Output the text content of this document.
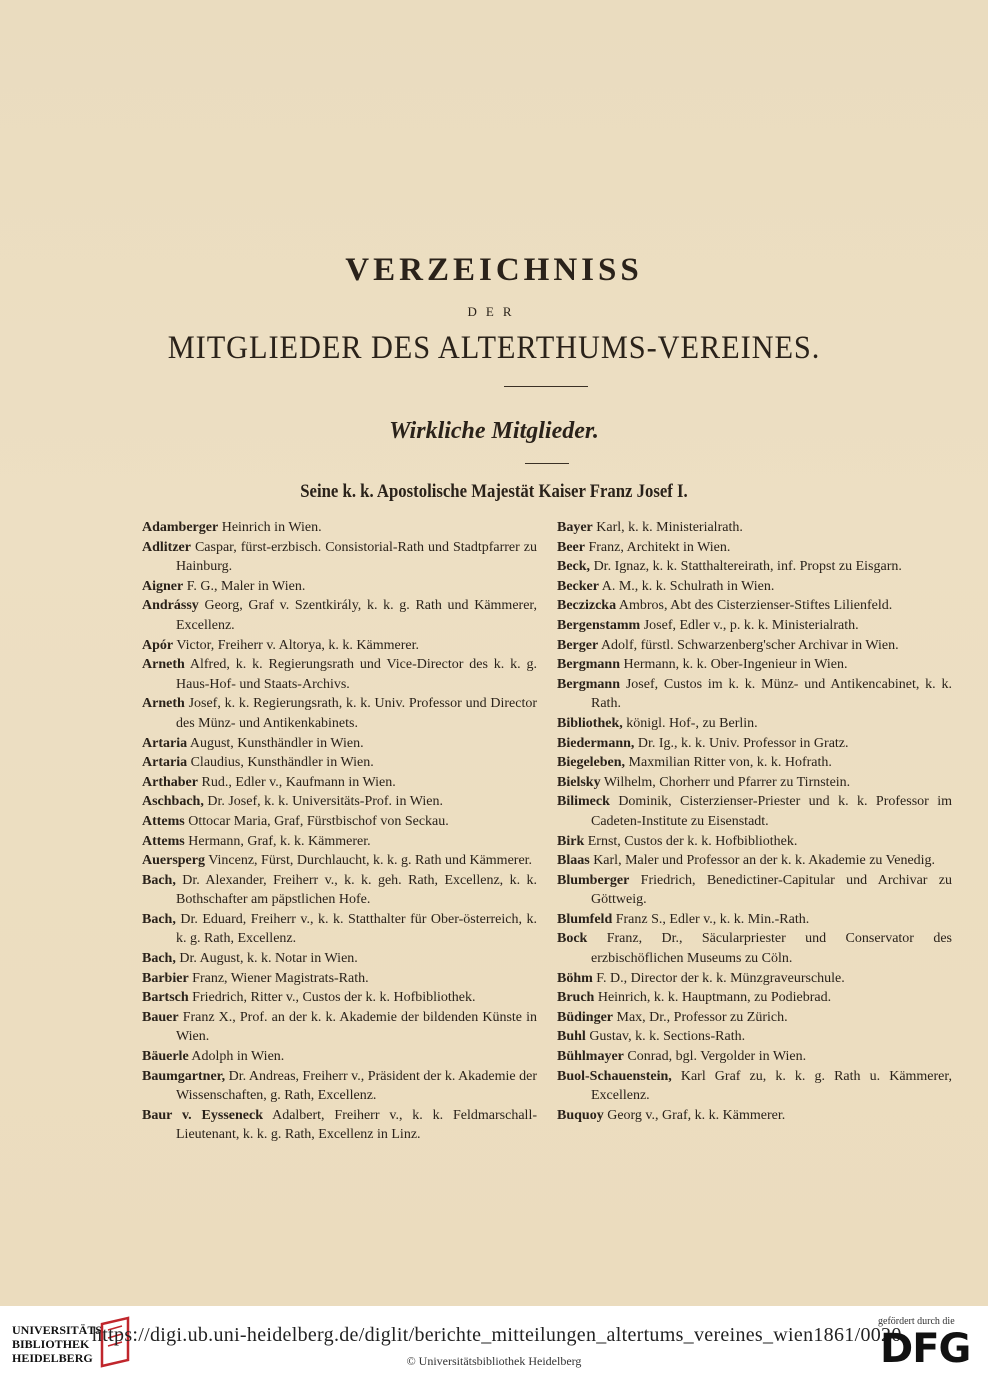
VERZEICHNISS
DER
MITGLIEDER DES ALTERTHUMS-VEREINES.
Wirkliche Mitglieder.
Seine k. k. Apostolische Majestät Kaiser Franz Josef I.

Adamberger Heinrich in Wien.

Adlitzer Caspar, fürst-erzbisch. Consistorial-Rath und Stadtpfarrer zu Hainburg.

Aigner F. G., Maler in Wien.

Andrássy Georg, Graf v. Szentkirály, k. k. g. Rath und Kämmerer, Excellenz.

Apór Victor, Freiherr v. Altorya, k. k. Kämmerer.

Arneth Alfred, k. k. Regierungsrath und Vice-Director des k. k. g. Haus-Hof- und Staats-Archivs.

Arneth Josef, k. k. Regierungsrath, k. k. Univ. Professor und Director des Münz- und Antikenkabinets.

Artaria August, Kunsthändler in Wien.

Artaria Claudius, Kunsthändler in Wien.

Arthaber Rud., Edler v., Kaufmann in Wien.

Aschbach, Dr. Josef, k. k. Universitäts-Prof. in Wien.

Attems Ottocar Maria, Graf, Fürstbischof von Seckau.

Attems Hermann, Graf, k. k. Kämmerer.

Auersperg Vincenz, Fürst, Durchlaucht, k. k. g. Rath und Kämmerer.

Bach, Dr. Alexander, Freiherr v., k. k. geh. Rath, Excellenz, k. k. Bothschafter am päpstlichen Hofe.

Bach, Dr. Eduard, Freiherr v., k. k. Statthalter für Ober-österreich, k. k. g. Rath, Excellenz.

Bach, Dr. August, k. k. Notar in Wien.

Barbier Franz, Wiener Magistrats-Rath.

Bartsch Friedrich, Ritter v., Custos der k. k. Hofbibliothek.

Bauer Franz X., Prof. an der k. k. Akademie der bildenden Künste in Wien.

Bäuerle Adolph in Wien.

Baumgartner, Dr. Andreas, Freiherr v., Präsident der k. Akademie der Wissenschaften, g. Rath, Excellenz.

Baur v. Eysseneck Adalbert, Freiherr v., k. k. Feldmarschall-Lieutenant, k. k. g. Rath, Excellenz in Linz.

Bayer Karl, k. k. Ministerialrath.

Beer Franz, Architekt in Wien.

Beck, Dr. Ignaz, k. k. Statthaltereirath, inf. Propst zu Eisgarn.

Becker A. M., k. k. Schulrath in Wien.

Beczizcka Ambros, Abt des Cisterzienser-Stiftes Lilienfeld.

Bergenstamm Josef, Edler v., p. k. k. Ministerialrath.

Berger Adolf, fürstl. Schwarzenberg'scher Archivar in Wien.

Bergmann Hermann, k. k. Ober-Ingenieur in Wien.

Bergmann Josef, Custos im k. k. Münz- und Antikencabinet, k. k. Rath.

Bibliothek, königl. Hof-, zu Berlin.

Biedermann, Dr. Ig., k. k. Univ. Professor in Gratz.

Biegeleben, Maxmilian Ritter von, k. k. Hofrath.

Bielsky Wilhelm, Chorherr und Pfarrer zu Tirnstein.

Bilimeck Dominik, Cisterzienser-Priester und k. k. Professor im Cadeten-Institute zu Eisenstadt.

Birk Ernst, Custos der k. k. Hofbibliothek.

Blaas Karl, Maler und Professor an der k. k. Akademie zu Venedig.

Blumberger Friedrich, Benedictiner-Capitular und Archivar zu Göttweig.

Blumfeld Franz S., Edler v., k. k. Min.-Rath.

Bock Franz, Dr., Säcularpriester und Conservator des erzbischöflichen Museums zu Cöln.

Böhm F. D., Director der k. k. Münzgraveurschule.

Bruch Heinrich, k. k. Hauptmann, zu Podiebrad.

Büdinger Max, Dr., Professor zu Zürich.

Buhl Gustav, k. k. Sections-Rath.

Bühlmayer Conrad, bgl. Vergolder in Wien.

Buol-Schauenstein, Karl Graf zu, k. k. g. Rath u. Kämmerer, Excellenz.

Buquoy Georg v., Graf, k. k. Kämmerer.

UNIVERSITÄTS
BIBLIOTHEK
HEIDELBERG
https://digi.ub.uni-heidelberg.de/diglit/berichte_mitteilungen_altertums_vereines_wien1861/0020
© Universitätsbibliothek Heidelberg
gefördert durch die
DFG
